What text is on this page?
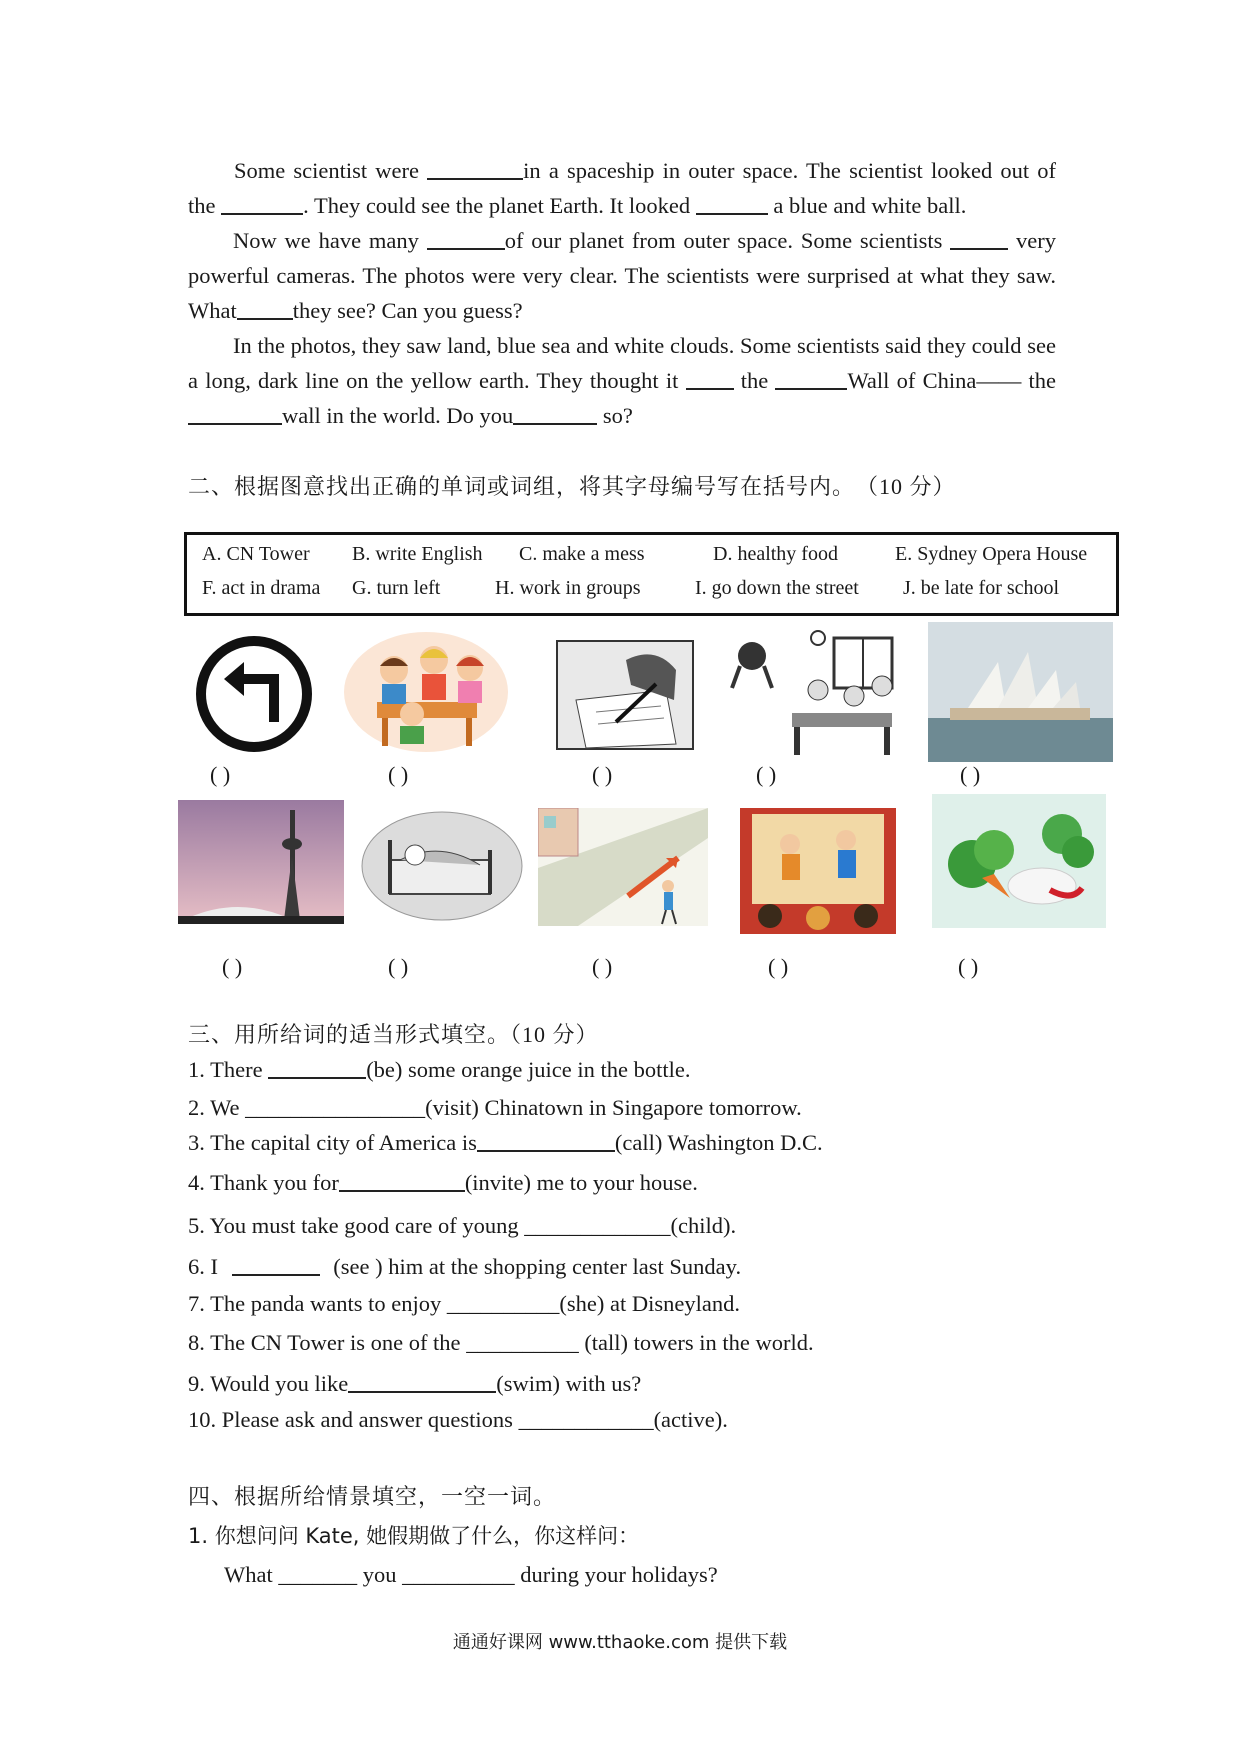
Some scientist were	in a spaceship in outer space. The scientist looked out of the	. They could see the planet Earth. It looked	a blue and white ball.
Now we have many	of our planet from outer space. Some scientists	very powerful cameras. The photos were very clear. The scientists were surprised at what they saw. What they see? Can you guess?
In the photos, they saw land, blue sea and white clouds. Some scientists said they could see a long, dark line on the yellow earth. They thought it	the	Wall of China—— the wall in the world. Do you	so?
二、根据图意找出正确的单词或词组，将其字母编号写在括号内。 （10 分）
A. CN Tower B. write English C. make a mess	D. healthy food	E. Sydney Opera House
F. act in drama G. turn left	H. work in groups	I. go down the street J. be late for school
( )	( )	( )	( )	( )
( )	( )	( )	( )	( )
三、用所给词的适当形式填空。（10 分）
1. There	(be) some orange juice in the bottle.
2. We ________________(visit) Chinatown in Singapore tomorrow.
3. The capital city of America is	(call) Washington D.C.
4. Thank you for	(invite) me to your house.
5. You must take good care of young _____________(child).
6. I	(see ) him at the shopping center last Sunday.
7. The panda wants to enjoy __________(she) at Disneyland.
8. The CN Tower is one of the __________ (tall) towers in the world.
9. Would you like	(swim) with us?
10. Please ask and answer questions ____________(active).
四、根据所给情景填空，一空一词。
1. 你想问问 Kate, 她假期做了什么，你这样问：
What _______ you __________ during your holidays?
通通好课网 www.tthaoke.com 提供下载
